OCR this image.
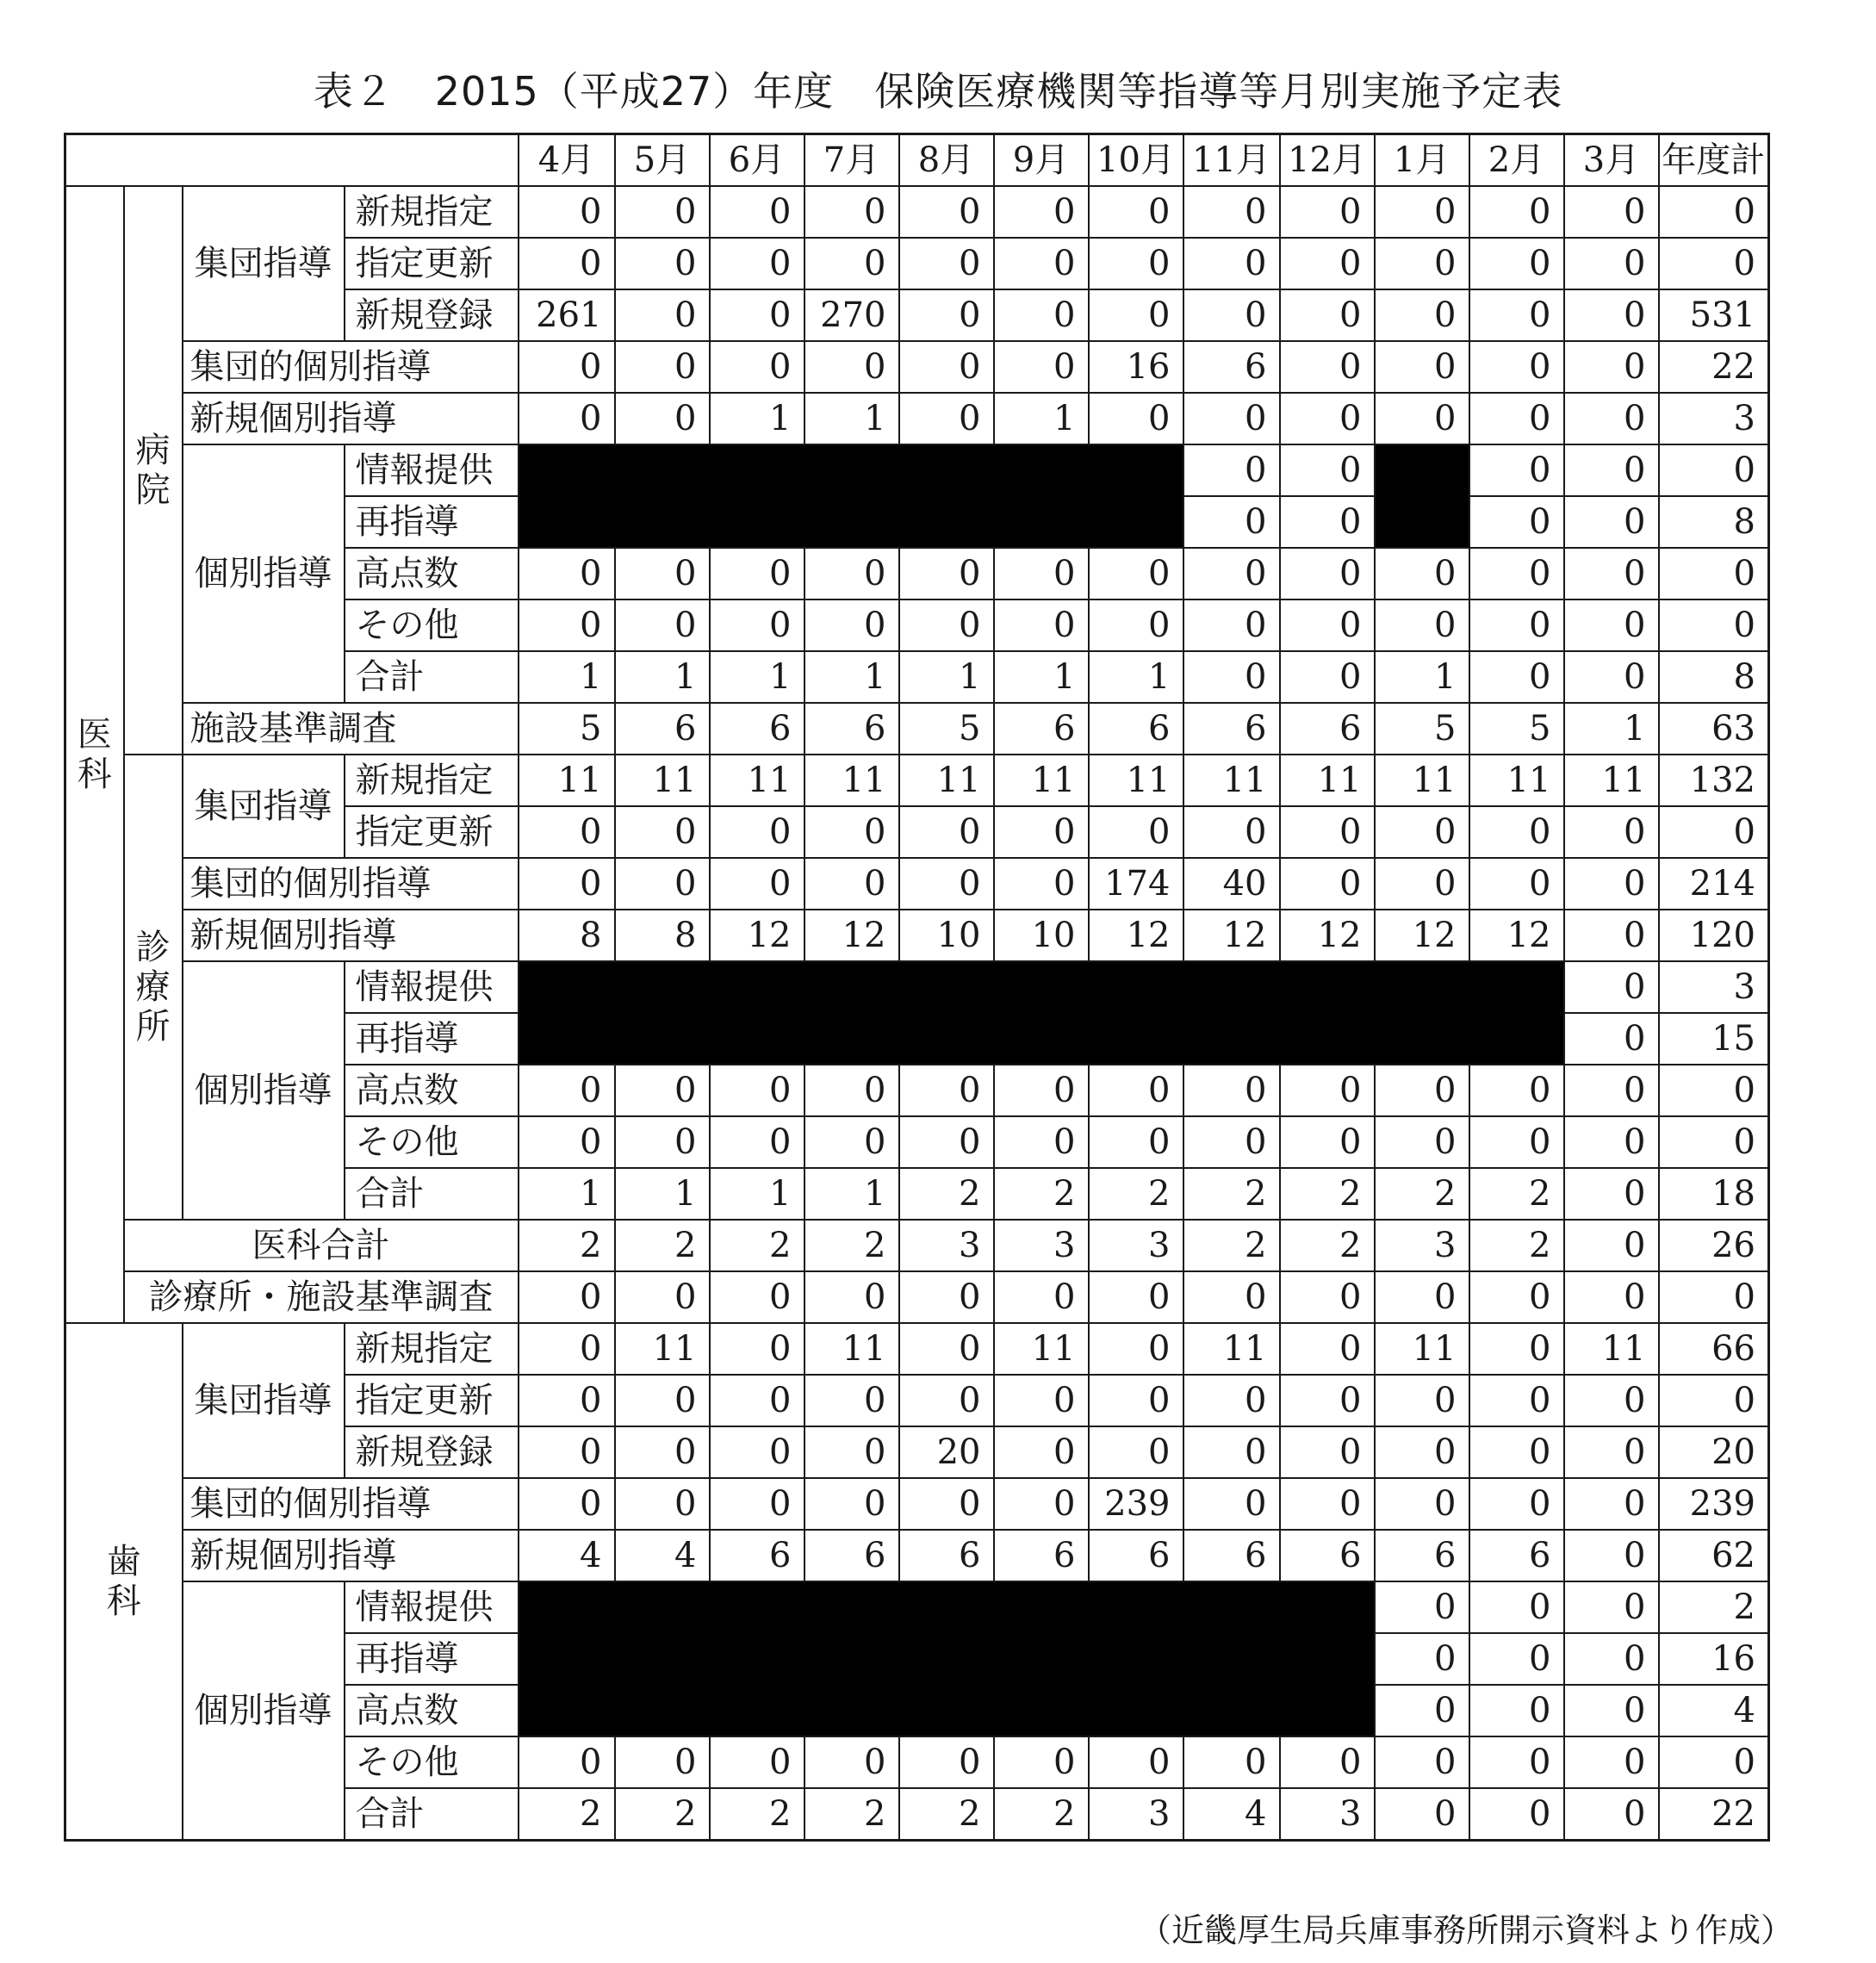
表２　2015（平成27）年度　保険医療機関等指導等月別実施予定表
				4月	5月	6月	7月	8月	9月	10月	11月	12月	1月	2月	3月	年度計
医
科	病
院	集団指導	新規指定	0	0	0	0	0	0	0	0	0	0	0	0	0
			指定更新	0	0	0	0	0	0	0	0	0	0	0	0	0
			新規登録	261	0	0	270	0	0	0	0	0	0	0	0	531
		集団的個別指導		0	0	0	0	0	0	16	6	0	0	0	0	22
		新規個別指導		0	0	1	1	0	1	0	0	0	0	0	0	3
		個別指導	情報提供								0	0		0	0	0
			再指導								0	0		0	0	8
			高点数	0	0	0	0	0	0	0	0	0	0	0	0	0
			その他	0	0	0	0	0	0	0	0	0	0	0	0	0
			合計	1	1	1	1	1	1	1	0	0	1	0	0	8
		施設基準調査		5	6	6	6	5	6	6	6	6	5	5	1	63
	診
療
所	集団指導	新規指定	11	11	11	11	11	11	11	11	11	11	11	11	132
			指定更新	0	0	0	0	0	0	0	0	0	0	0	0	0
		集団的個別指導		0	0	0	0	0	0	174	40	0	0	0	0	214
		新規個別指導		8	8	12	12	10	10	12	12	12	12	12	0	120
		個別指導	情報提供												0	3
			再指導												0	15
			高点数	0	0	0	0	0	0	0	0	0	0	0	0	0
			その他	0	0	0	0	0	0	0	0	0	0	0	0	0
			合計	1	1	1	1	2	2	2	2	2	2	2	0	18
	医科合計			2	2	2	2	3	3	3	2	2	3	2	0	26
	診療所・施設基準調査			0	0	0	0	0	0	0	0	0	0	0	0	0
歯
科		集団指導	新規指定	0	11	0	11	0	11	0	11	0	11	0	11	66
			指定更新	0	0	0	0	0	0	0	0	0	0	0	0	0
			新規登録	0	0	0	0	20	0	0	0	0	0	0	0	20
		集団的個別指導		0	0	0	0	0	0	239	0	0	0	0	0	239
		新規個別指導		4	4	6	6	6	6	6	6	6	6	6	0	62
		個別指導	情報提供										0	0	0	2
			再指導										0	0	0	16
			高点数										0	0	0	4
			その他	0	0	0	0	0	0	0	0	0	0	0	0	0
			合計	2	2	2	2	2	2	3	4	3	0	0	0	22
（近畿厚生局兵庫事務所開示資料より作成）
